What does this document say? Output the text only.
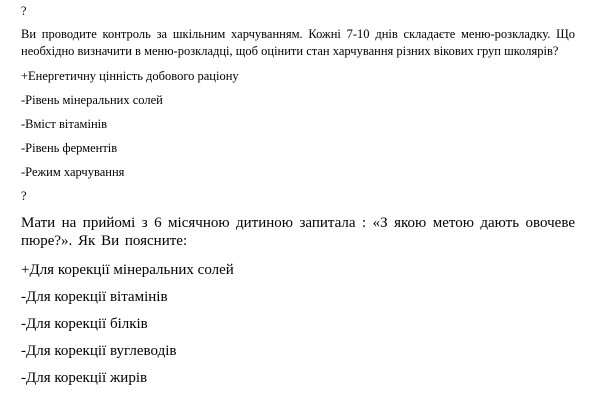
?
Ви проводите контроль за шкільним харчуванням. Кожні 7-10 днів складаєте меню-розкладку. Що необхідно визначити в меню-розкладці, щоб оцінити стан харчування різних вікових груп школярів?
+Енергетичну цінність добового раціону
-Рівень мінеральних солей
-Вміст вітамінів
-Рівень ферментів
-Режим харчування
?
Мати на прийомі з 6 місячною дитиною запитала : «З якою метою дають овочеве пюре?». Як Ви поясните:
+Для корекції мінеральних солей
-Для корекції вітамінів
-Для корекції білків
-Для корекції вуглеводів
-Для корекції жирів
